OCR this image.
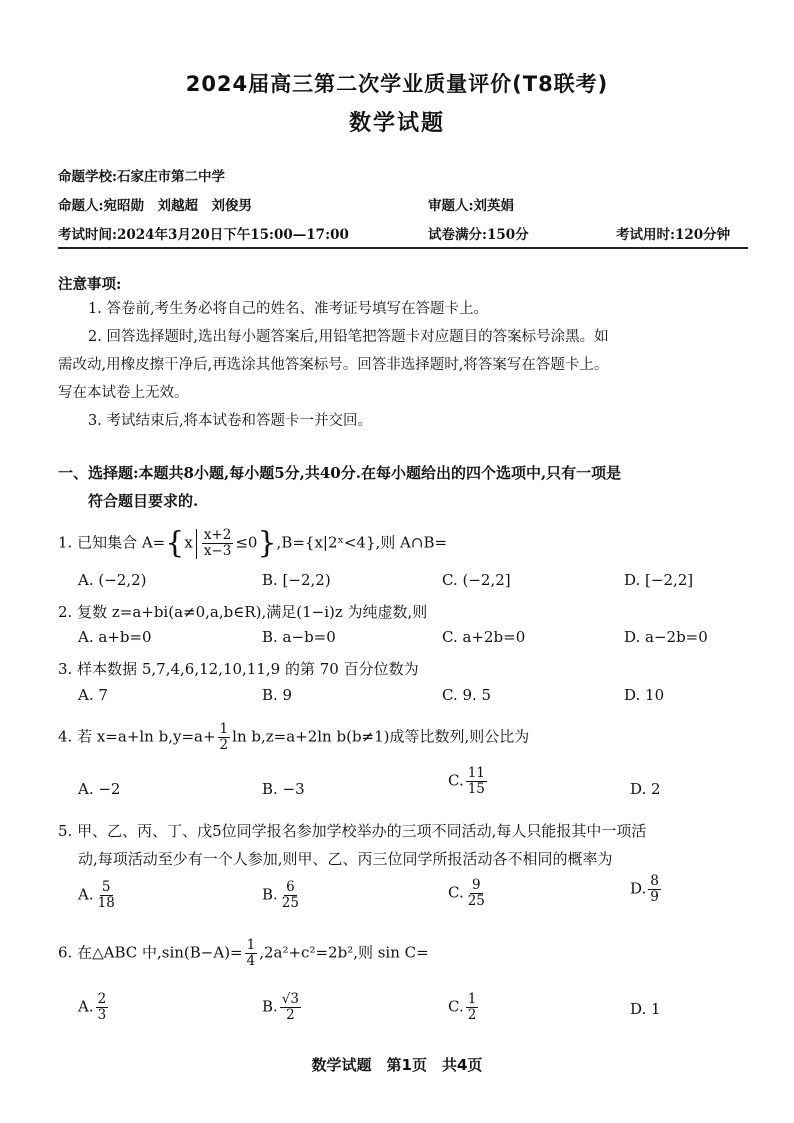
2024届高三第二次学业质量评价(T8联考)
数学试题
命题学校:石家庄市第二中学
命题人:宛昭勋　刘越超　刘俊男	审题人:刘英娟
考试时间:2024年3月20日下午15:00—17:00	试卷满分:150分	考试用时:120分钟
注意事项:
1. 答卷前,考生务必将自己的姓名、准考证号填写在答题卡上。
2. 回答选择题时,选出每小题答案后,用铅笔把答题卡对应题目的答案标号涂黑。如
需改动,用橡皮擦干净后,再选涂其他答案标号。回答非选择题时,将答案写在答题卡上。
写在本试卷上无效。
3. 考试结束后,将本试卷和答题卡一并交回。
一、选择题:本题共8小题,每小题5分,共40分.在每小题给出的四个选项中,只有一项是
符合题目要求的.
1. 已知集合 $A=\{x \frac{x+2}{x-3}$ ≤0},B={x|2ˣ<4},则 A∩B=
A. (−2,2)	B. [−2,2)	C. (−2,2]	D. [−2,2]
2. 复数 z=a+bi(a≠0,a,b∈R),满足(1−i)z 为纯虚数,则
A. a+b=0	B. a−b=0	C. a+2b=0	D. a−2b=0
3. 样本数据 5,7,4,6,12,10,11,9 的第 70 百分位数为
A. 7	B. 9	C. 9. 5	D. 10
4. 若 x=a+ln $b,y=a+ \frac{1}{2}$ ln b,z=a+2ln b(b≠1)成等比数列,则公比为
A. −2	B. −3	C. $\frac{11}{15}$	D. 2
5. 甲、乙、丙、丁、戊5位同学报名参加学校举办的三项不同活动,每人只能报其中一项活
动,每项活动至少有一个人参加,则甲、乙、丙三位同学所报活动各不相同的概率为
A. $\frac{5}{18}$	B. $\frac{6}{25}$	C. $\frac{9}{25}$	D. $\frac{8}{9}$
6. 在△ABC 中$,\sin(B-A)= \frac{1}{4} ,2a^2+c^2=2b^2$,则 sin C=
A. $\frac{2}{3}$	B. $\frac{√3}{2}$	C. $\frac{1}{2}$	D. 1
数学试题　第1页　共4页
